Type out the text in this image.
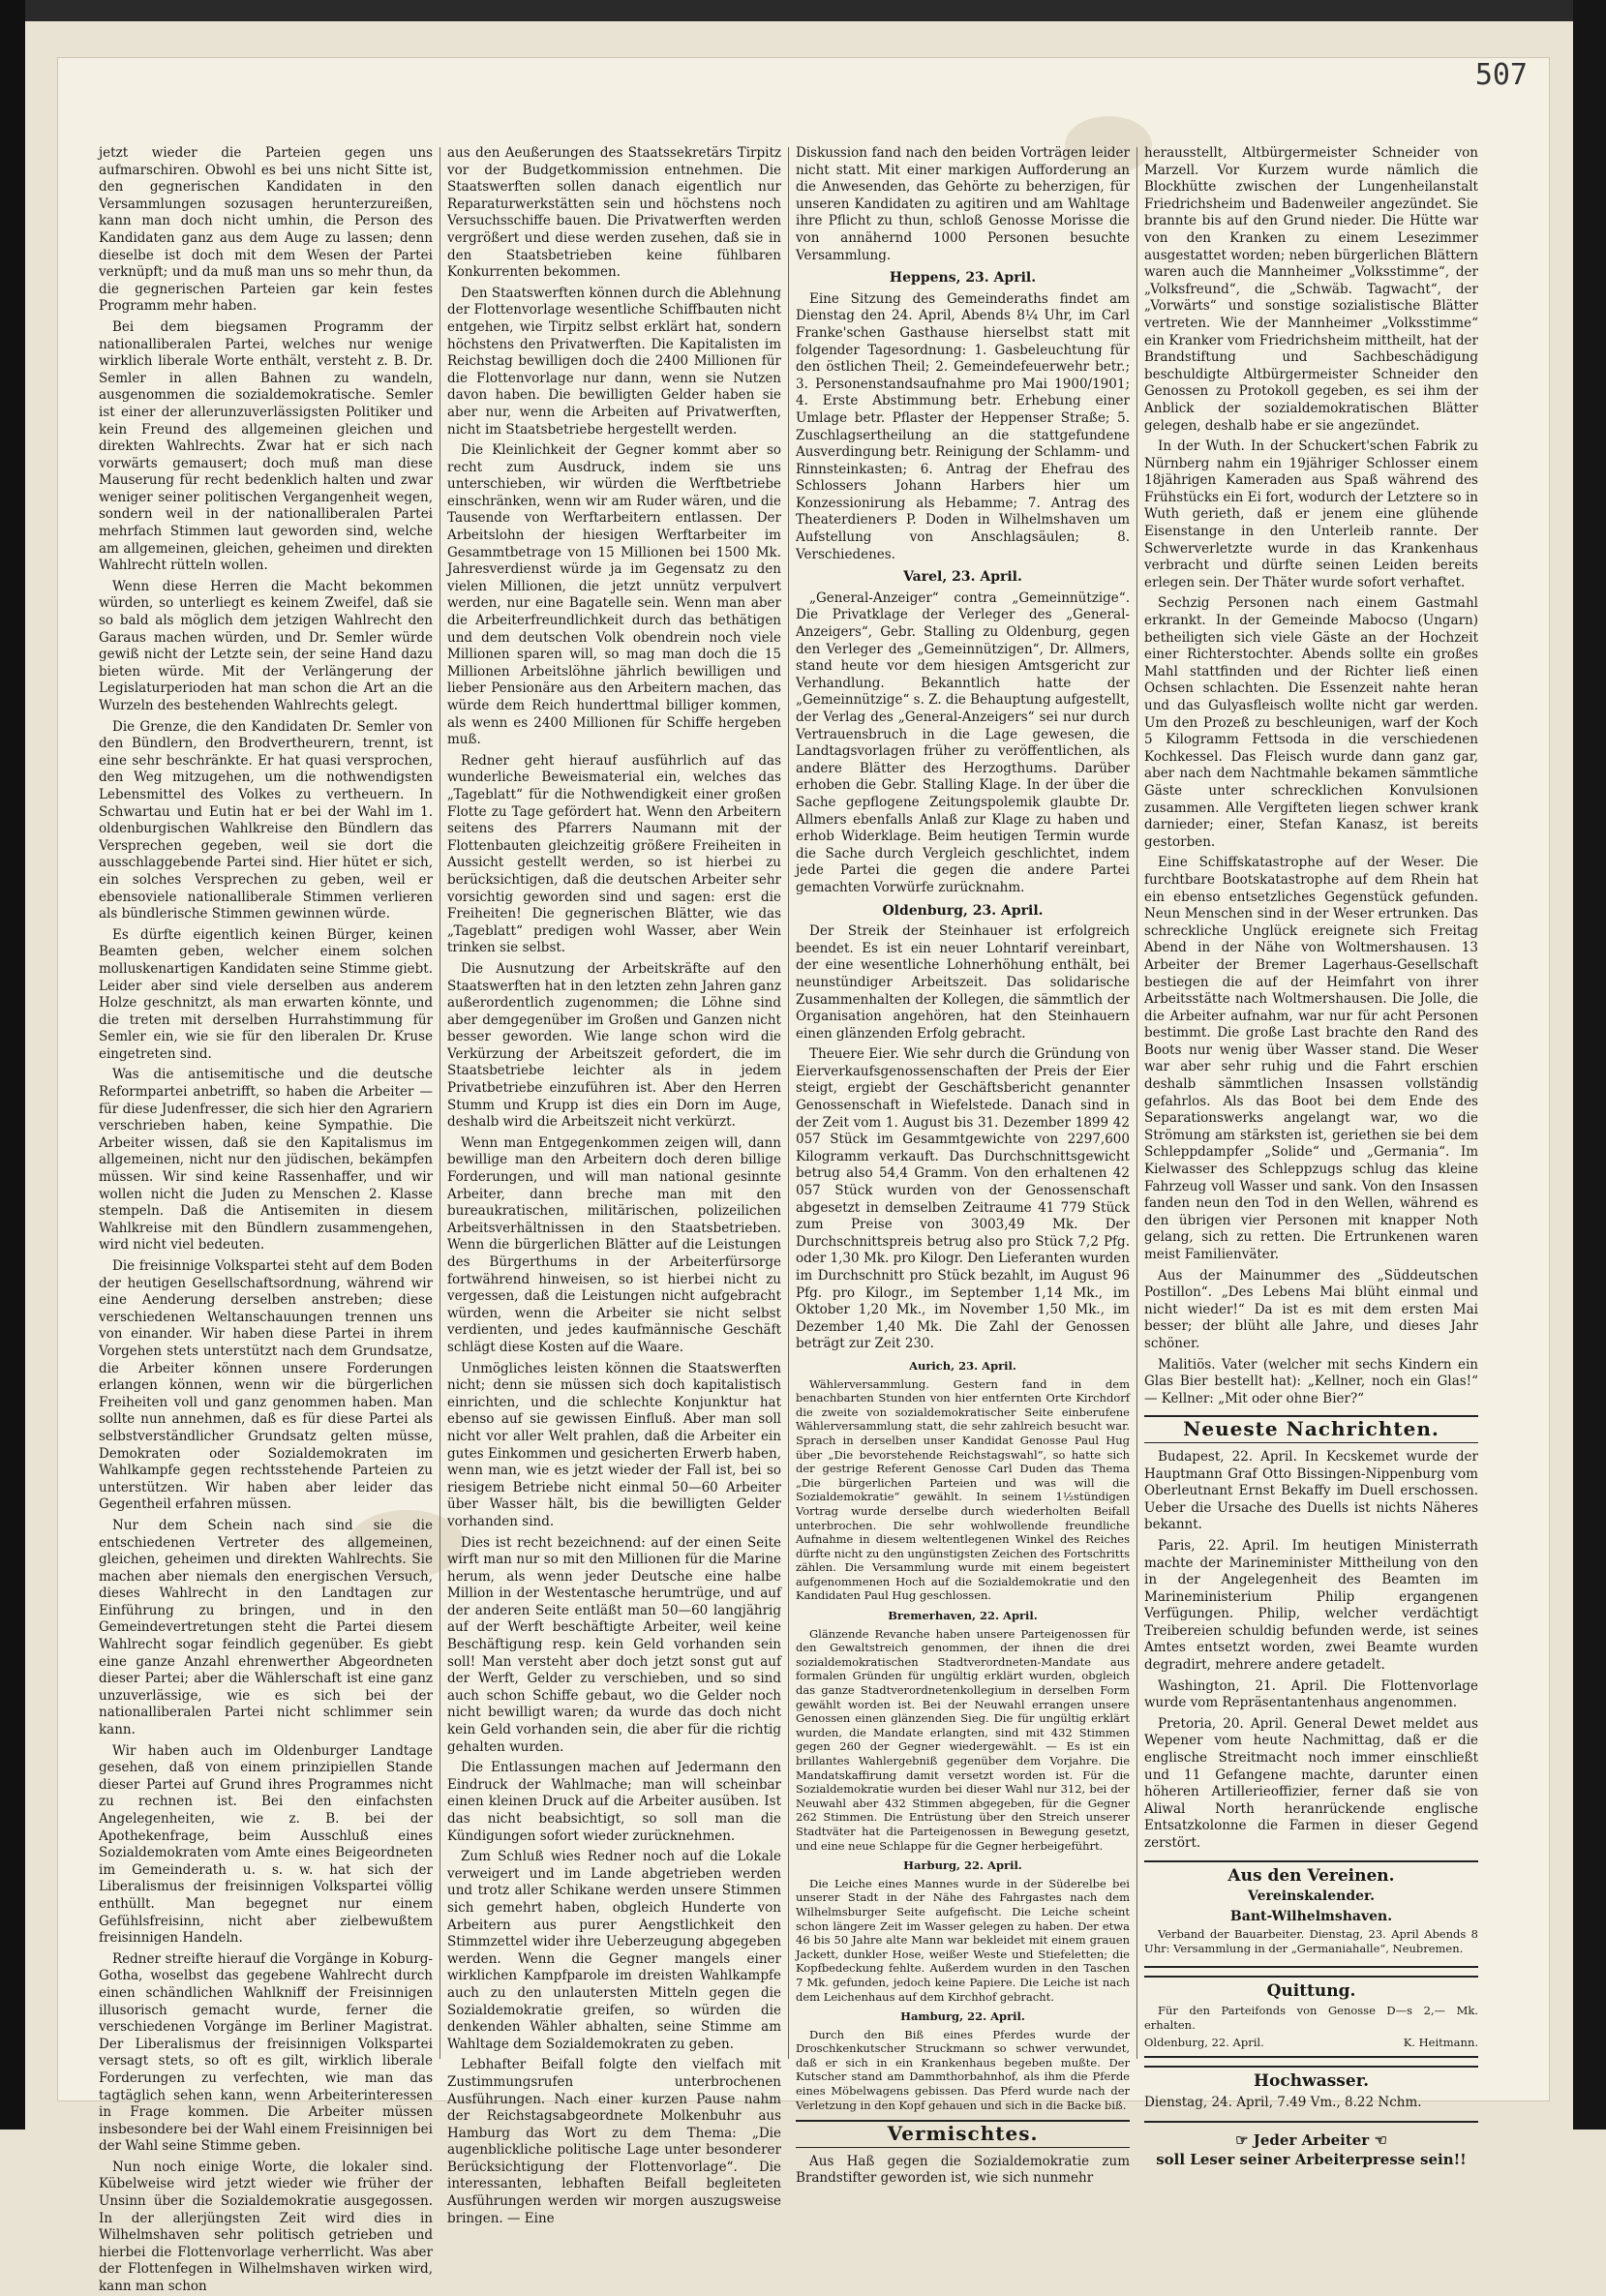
507

jetzt wieder die Parteien gegen uns aufmarschiren. Obwohl es bei uns nicht Sitte ist, den gegnerischen Kandidaten in den Versammlungen sozusagen herunterzureißen, kann man doch nicht umhin, die Person des Kandidaten ganz aus dem Auge zu lassen; denn dieselbe ist doch mit dem Wesen der Partei verknüpft; und da muß man uns so mehr thun, da die gegnerischen Parteien gar kein festes Programm mehr haben.

Bei dem biegsamen Programm der nationalliberalen Partei, welches nur wenige wirklich liberale Worte enthält, versteht z. B. Dr. Semler in allen Bahnen zu wandeln, ausgenommen die sozialdemokratische. Semler ist einer der allerunzuverlässigsten Politiker und kein Freund des allgemeinen gleichen und direkten Wahlrechts. Zwar hat er sich nach vorwärts gemausert; doch muß man diese Mauserung für recht bedenklich halten und zwar weniger seiner politischen Vergangenheit wegen, sondern weil in der nationalliberalen Partei mehrfach Stimmen laut geworden sind, welche am allgemeinen, gleichen, geheimen und direkten Wahlrecht rütteln wollen.

Wenn diese Herren die Macht bekommen würden, so unterliegt es keinem Zweifel, daß sie so bald als möglich dem jetzigen Wahlrecht den Garaus machen würden, und Dr. Semler würde gewiß nicht der Letzte sein, der seine Hand dazu bieten würde. Mit der Verlängerung der Legislaturperioden hat man schon die Art an die Wurzeln des bestehenden Wahlrechts gelegt.

Die Grenze, die den Kandidaten Dr. Semler von den Bündlern, den Brodvertheurern, trennt, ist eine sehr beschränkte. Er hat quasi versprochen, den Weg mitzugehen, um die nothwendigsten Lebensmittel des Volkes zu vertheuern. In Schwartau und Eutin hat er bei der Wahl im 1. oldenburgischen Wahlkreise den Bündlern das Versprechen gegeben, weil sie dort die ausschlaggebende Partei sind. Hier hütet er sich, ein solches Versprechen zu geben, weil er ebensoviele nationalliberale Stimmen verlieren als bündlerische Stimmen gewinnen würde.

Es dürfte eigentlich keinen Bürger, keinen Beamten geben, welcher einem solchen molluskenartigen Kandidaten seine Stimme giebt. Leider aber sind viele derselben aus anderem Holze geschnitzt, als man erwarten könnte, und die treten mit derselben Hurrahstimmung für Semler ein, wie sie für den liberalen Dr. Kruse eingetreten sind.

Was die antisemitische und die deutsche Reformpartei anbetrifft, so haben die Arbeiter — für diese Judenfresser, die sich hier den Agrariern verschrieben haben, keine Sympathie. Die Arbeiter wissen, daß sie den Kapitalismus im allgemeinen, nicht nur den jüdischen, bekämpfen müssen. Wir sind keine Rassenhaffer, und wir wollen nicht die Juden zu Menschen 2. Klasse stempeln. Daß die Antisemiten in diesem Wahlkreise mit den Bündlern zusammengehen, wird nicht viel bedeuten.

Die freisinnige Volkspartei steht auf dem Boden der heutigen Gesellschaftsordnung, während wir eine Aenderung derselben anstreben; diese verschiedenen Weltanschauungen trennen uns von einander. Wir haben diese Partei in ihrem Vorgehen stets unterstützt nach dem Grundsatze, die Arbeiter können unsere Forderungen erlangen können, wenn wir die bürgerlichen Freiheiten voll und ganz genommen haben. Man sollte nun annehmen, daß es für diese Partei als selbstverständlicher Grundsatz gelten müsse, Demokraten oder Sozialdemokraten im Wahlkampfe gegen rechtsstehende Parteien zu unterstützen. Wir haben aber leider das Gegentheil erfahren müssen.

Nur dem Schein nach sind sie die entschiedenen Vertreter des allgemeinen, gleichen, geheimen und direkten Wahlrechts. Sie machen aber niemals den energischen Versuch, dieses Wahlrecht in den Landtagen zur Einführung zu bringen, und in den Gemeindevertretungen steht die Partei diesem Wahlrecht sogar feindlich gegenüber. Es giebt eine ganze Anzahl ehrenwerther Abgeordneten dieser Partei; aber die Wählerschaft ist eine ganz unzuverlässige, wie es sich bei der nationalliberalen Partei nicht schlimmer sein kann.

Wir haben auch im Oldenburger Landtage gesehen, daß von einem prinzipiellen Stande dieser Partei auf Grund ihres Programmes nicht zu rechnen ist. Bei den einfachsten Angelegenheiten, wie z. B. bei der Apothekenfrage, beim Ausschluß eines Sozialdemokraten vom Amte eines Beigeordneten im Gemeinderath u. s. w. hat sich der Liberalismus der freisinnigen Volkspartei völlig enthüllt. Man begegnet nur einem Gefühlsfreisinn, nicht aber zielbewußtem freisinnigen Handeln.

Redner streifte hierauf die Vorgänge in Koburg-Gotha, woselbst das gegebene Wahlrecht durch einen schändlichen Wahlkniff der Freisinnigen illusorisch gemacht wurde, ferner die verschiedenen Vorgänge im Berliner Magistrat. Der Liberalismus der freisinnigen Volkspartei versagt stets, so oft es gilt, wirklich liberale Forderungen zu verfechten, wie man das tagtäglich sehen kann, wenn Arbeiterinteressen in Frage kommen. Die Arbeiter müssen insbesondere bei der Wahl einem Freisinnigen bei der Wahl seine Stimme geben.

Nun noch einige Worte, die lokaler sind. Kübelweise wird jetzt wieder wie früher der Unsinn über die Sozialdemokratie ausgegossen. In der allerjüngsten Zeit wird dies in Wilhelmshaven sehr politisch getrieben und hierbei die Flottenvorlage verherrlicht. Was aber der Flottenfegen in Wilhelmshaven wirken wird, kann man schon

aus den Aeußerungen des Staatssekretärs Tirpitz vor der Budgetkommission entnehmen. Die Staatswerften sollen danach eigentlich nur Reparaturwerkstätten sein und höchstens noch Versuchsschiffe bauen. Die Privatwerften werden vergrößert und diese werden zusehen, daß sie in den Staatsbetrieben keine fühlbaren Konkurrenten bekommen.

Den Staatswerften können durch die Ablehnung der Flottenvorlage wesentliche Schiffbauten nicht entgehen, wie Tirpitz selbst erklärt hat, sondern höchstens den Privatwerften. Die Kapitalisten im Reichstag bewilligen doch die 2400 Millionen für die Flottenvorlage nur dann, wenn sie Nutzen davon haben. Die bewilligten Gelder haben sie aber nur, wenn die Arbeiten auf Privatwerften, nicht im Staatsbetriebe hergestellt werden.

Die Kleinlichkeit der Gegner kommt aber so recht zum Ausdruck, indem sie uns unterschieben, wir würden die Werftbetriebe einschränken, wenn wir am Ruder wären, und die Tausende von Werftarbeitern entlassen. Der Arbeitslohn der hiesigen Werftarbeiter im Gesammtbetrage von 15 Millionen bei 1500 Mk. Jahresverdienst würde ja im Gegensatz zu den vielen Millionen, die jetzt unnütz verpulvert werden, nur eine Bagatelle sein. Wenn man aber die Arbeiterfreundlichkeit durch das bethätigen und dem deutschen Volk obendrein noch viele Millionen sparen will, so mag man doch die 15 Millionen Arbeitslöhne jährlich bewilligen und lieber Pensionäre aus den Arbeitern machen, das würde dem Reich hunderttmal billiger kommen, als wenn es 2400 Millionen für Schiffe hergeben muß.

Redner geht hierauf ausführlich auf das wunderliche Beweismaterial ein, welches das „Tageblatt“ für die Nothwendigkeit einer großen Flotte zu Tage gefördert hat. Wenn den Arbeitern seitens des Pfarrers Naumann mit der Flottenbauten gleichzeitig größere Freiheiten in Aussicht gestellt werden, so ist hierbei zu berücksichtigen, daß die deutschen Arbeiter sehr vorsichtig geworden sind und sagen: erst die Freiheiten! Die gegnerischen Blätter, wie das „Tageblatt“ predigen wohl Wasser, aber Wein trinken sie selbst.

Die Ausnutzung der Arbeitskräfte auf den Staatswerften hat in den letzten zehn Jahren ganz außerordentlich zugenommen; die Löhne sind aber demgegenüber im Großen und Ganzen nicht besser geworden. Wie lange schon wird die Verkürzung der Arbeitszeit gefordert, die im Staatsbetriebe leichter als in jedem Privatbetriebe einzuführen ist. Aber den Herren Stumm und Krupp ist dies ein Dorn im Auge, deshalb wird die Arbeitszeit nicht verkürzt.

Wenn man Entgegenkommen zeigen will, dann bewillige man den Arbeitern doch deren billige Forderungen, und will man national gesinnte Arbeiter, dann breche man mit den bureaukratischen, militärischen, polizeilichen Arbeitsverhältnissen in den Staatsbetrieben. Wenn die bürgerlichen Blätter auf die Leistungen des Bürgerthums in der Arbeiterfürsorge fortwährend hinweisen, so ist hierbei nicht zu vergessen, daß die Leistungen nicht aufgebracht würden, wenn die Arbeiter sie nicht selbst verdienten, und jedes kaufmännische Geschäft schlägt diese Kosten auf die Waare.

Unmögliches leisten können die Staatswerften nicht; denn sie müssen sich doch kapitalistisch einrichten, und die schlechte Konjunktur hat ebenso auf sie gewissen Einfluß. Aber man soll nicht vor aller Welt prahlen, daß die Arbeiter ein gutes Einkommen und gesicherten Erwerb haben, wenn man, wie es jetzt wieder der Fall ist, bei so riesigem Betriebe nicht einmal 50—60 Arbeiter über Wasser hält, bis die bewilligten Gelder vorhanden sind.

Dies ist recht bezeichnend: auf der einen Seite wirft man nur so mit den Millionen für die Marine herum, als wenn jeder Deutsche eine halbe Million in der Westentasche herumtrüge, und auf der anderen Seite entläßt man 50—60 langjährig auf der Werft beschäftigte Arbeiter, weil keine Beschäftigung resp. kein Geld vorhanden sein soll! Man versteht aber doch jetzt sonst gut auf der Werft, Gelder zu verschieben, und so sind auch schon Schiffe gebaut, wo die Gelder noch nicht bewilligt waren; da wurde das doch nicht kein Geld vorhanden sein, die aber für die richtig gehalten wurden.

Die Entlassungen machen auf Jedermann den Eindruck der Wahlmache; man will scheinbar einen kleinen Druck auf die Arbeiter ausüben. Ist das nicht beabsichtigt, so soll man die Kündigungen sofort wieder zurücknehmen.

Zum Schluß wies Redner noch auf die Lokale verweigert und im Lande abgetrieben werden und trotz aller Schikane werden unsere Stimmen sich gemehrt haben, obgleich Hunderte von Arbeitern aus purer Aengstlichkeit den Stimmzettel wider ihre Ueberzeugung abgegeben werden. Wenn die Gegner mangels einer wirklichen Kampfparole im dreisten Wahlkampfe auch zu den unlautersten Mitteln gegen die Sozialdemokratie greifen, so würden die denkenden Wähler abhalten, seine Stimme am Wahltage dem Sozialdemokraten zu geben.

Lebhafter Beifall folgte den vielfach mit Zustimmungsrufen unterbrochenen Ausführungen. Nach einer kurzen Pause nahm der Reichstagsabgeordnete Molkenbuhr aus Hamburg das Wort zu dem Thema: „Die augenblickliche politische Lage unter besonderer Berücksichtigung der Flottenvorlage“. Die interessanten, lebhaften Beifall begleiteten Ausführungen werden wir morgen auszugsweise bringen. — Eine

Diskussion fand nach den beiden Vorträgen leider nicht statt. Mit einer markigen Aufforderung an die Anwesenden, das Gehörte zu beherzigen, für unseren Kandidaten zu agitiren und am Wahltage ihre Pflicht zu thun, schloß Genosse Morisse die von annähernd 1000 Personen besuchte Versammlung.

Heppens, 23. April.

Eine Sitzung des Gemeinderaths findet am Dienstag den 24. April, Abends 8¼ Uhr, im Carl Franke'schen Gasthause hierselbst statt mit folgender Tagesordnung: 1. Gasbeleuchtung für den östlichen Theil; 2. Gemeindefeuerwehr betr.; 3. Personenstandsaufnahme pro Mai 1900/1901; 4. Erste Abstimmung betr. Erhebung einer Umlage betr. Pflaster der Heppenser Straße; 5. Zuschlagsertheilung an die stattgefundene Ausverdingung betr. Reinigung der Schlamm- und Rinnsteinkasten; 6. Antrag der Ehefrau des Schlossers Johann Harbers hier um Konzessionirung als Hebamme; 7. Antrag des Theaterdieners P. Doden in Wilhelmshaven um Aufstellung von Anschlagsäulen; 8. Verschiedenes.

Varel, 23. April.

„General-Anzeiger“ contra „Gemeinnützige“. Die Privatklage der Verleger des „General-Anzeigers“, Gebr. Stalling zu Oldenburg, gegen den Verleger des „Gemeinnützigen“, Dr. Allmers, stand heute vor dem hiesigen Amtsgericht zur Verhandlung. Bekanntlich hatte der „Gemeinnützige“ s. Z. die Behauptung aufgestellt, der Verlag des „General-Anzeigers“ sei nur durch Vertrauensbruch in die Lage gewesen, die Landtagsvorlagen früher zu veröffentlichen, als andere Blätter des Herzogthums. Darüber erhoben die Gebr. Stalling Klage. In der über die Sache gepflogene Zeitungspolemik glaubte Dr. Allmers ebenfalls Anlaß zur Klage zu haben und erhob Widerklage. Beim heutigen Termin wurde die Sache durch Vergleich geschlichtet, indem jede Partei die gegen die andere Partei gemachten Vorwürfe zurücknahm.

Oldenburg, 23. April.

Der Streik der Steinhauer ist erfolgreich beendet. Es ist ein neuer Lohntarif vereinbart, der eine wesentliche Lohnerhöhung enthält, bei neunstündiger Arbeitszeit. Das solidarische Zusammenhalten der Kollegen, die sämmtlich der Organisation angehören, hat den Steinhauern einen glänzenden Erfolg gebracht.

Theuere Eier. Wie sehr durch die Gründung von Eierverkaufsgenossenschaften der Preis der Eier steigt, ergiebt der Geschäftsbericht genannter Genossenschaft in Wiefelstede. Danach sind in der Zeit vom 1. August bis 31. Dezember 1899 42 057 Stück im Gesammtgewichte von 2297,600 Kilogramm verkauft. Das Durchschnittsgewicht betrug also 54,4 Gramm. Von den erhaltenen 42 057 Stück wurden von der Genossenschaft abgesetzt in demselben Zeitraume 41 779 Stück zum Preise von 3003,49 Mk. Der Durchschnittspreis betrug also pro Stück 7,2 Pfg. oder 1,30 Mk. pro Kilogr. Den Lieferanten wurden im Durchschnitt pro Stück bezahlt, im August 96 Pfg. pro Kilogr., im September 1,14 Mk., im Oktober 1,20 Mk., im November 1,50 Mk., im Dezember 1,40 Mk. Die Zahl der Genossen beträgt zur Zeit 230.

Aurich, 23. April.

Wählerversammlung. Gestern fand in dem benachbarten Stunden von hier entfernten Orte Kirchdorf die zweite von sozialdemokratischer Seite einberufene Wählerversammlung statt, die sehr zahlreich besucht war. Sprach in derselben unser Kandidat Genosse Paul Hug über „Die bevorstehende Reichstagswahl“, so hatte sich der gestrige Referent Genosse Carl Duden das Thema „Die bürgerlichen Parteien und was will die Sozialdemokratie“ gewählt. In seinem 1½stündigen Vortrag wurde derselbe durch wiederholten Beifall unterbrochen. Die sehr wohlwollende freundliche Aufnahme in diesem weltentlegenen Winkel des Reiches dürfte nicht zu den ungünstigsten Zeichen des Fortschritts zählen. Die Versammlung wurde mit einem begeistert aufgenommenen Hoch auf die Sozialdemokratie und den Kandidaten Paul Hug geschlossen.

Bremerhaven, 22. April.

Glänzende Revanche haben unsere Parteigenossen für den Gewaltstreich genommen, der ihnen die drei sozialdemokratischen Stadtverordneten-Mandate aus formalen Gründen für ungültig erklärt wurden, obgleich das ganze Stadtverordnetenkollegium in derselben Form gewählt worden ist. Bei der Neuwahl errangen unsere Genossen einen glänzenden Sieg. Die für ungültig erklärt wurden, die Mandate erlangten, sind mit 432 Stimmen gegen 260 der Gegner wiedergewählt. — Es ist ein brillantes Wahlergebniß gegenüber dem Vorjahre. Die Mandatskaffirung damit versetzt worden ist. Für die Sozialdemokratie wurden bei dieser Wahl nur 312, bei der Neuwahl aber 432 Stimmen abgegeben, für die Gegner 262 Stimmen. Die Entrüstung über den Streich unserer Stadtväter hat die Parteigenossen in Bewegung gesetzt, und eine neue Schlappe für die Gegner herbeigeführt.

Harburg, 22. April.

Die Leiche eines Mannes wurde in der Süderelbe bei unserer Stadt in der Nähe des Fahrgastes nach dem Wilhelmsburger Seite aufgefischt. Die Leiche scheint schon längere Zeit im Wasser gelegen zu haben. Der etwa 46 bis 50 Jahre alte Mann war bekleidet mit einem grauen Jackett, dunkler Hose, weißer Weste und Stiefeletten; die Kopfbedeckung fehlte. Außerdem wurden in den Taschen 7 Mk. gefunden, jedoch keine Papiere. Die Leiche ist nach dem Leichenhaus auf dem Kirchhof gebracht.

Hamburg, 22. April.

Durch den Biß eines Pferdes wurde der Droschkenkutscher Struckmann so schwer verwundet, daß er sich in ein Krankenhaus begeben mußte. Der Kutscher stand am Dammthorbahnhof, als ihm die Pferde eines Möbelwagens gebissen. Das Pferd wurde nach der Verletzung in den Kopf gehauen und sich in die Backe biß.

Vermischtes.

Aus Haß gegen die Sozialdemokratie zum Brandstifter geworden ist, wie sich nunmehr

herausstellt, Altbürgermeister Schneider von Marzell. Vor Kurzem wurde nämlich die Blockhütte zwischen der Lungenheilanstalt Friedrichsheim und Badenweiler angezündet. Sie brannte bis auf den Grund nieder. Die Hütte war von den Kranken zu einem Lesezimmer ausgestattet worden; neben bürgerlichen Blättern waren auch die Mannheimer „Volksstimme“, der „Volksfreund“, die „Schwäb. Tagwacht“, der „Vorwärts“ und sonstige sozialistische Blätter vertreten. Wie der Mannheimer „Volksstimme“ ein Kranker vom Friedrichsheim mittheilt, hat der Brandstiftung und Sachbeschädigung beschuldigte Altbürgermeister Schneider den Genossen zu Protokoll gegeben, es sei ihm der Anblick der sozialdemokratischen Blätter gelegen, deshalb habe er sie angezündet.

In der Wuth. In der Schuckert'schen Fabrik zu Nürnberg nahm ein 19jähriger Schlosser einem 18jährigen Kameraden aus Spaß während des Frühstücks ein Ei fort, wodurch der Letztere so in Wuth gerieth, daß er jenem eine glühende Eisenstange in den Unterleib rannte. Der Schwerverletzte wurde in das Krankenhaus verbracht und dürfte seinen Leiden bereits erlegen sein. Der Thäter wurde sofort verhaftet.

Sechzig Personen nach einem Gastmahl erkrankt. In der Gemeinde Mabocso (Ungarn) betheiligten sich viele Gäste an der Hochzeit einer Richterstochter. Abends sollte ein großes Mahl stattfinden und der Richter ließ einen Ochsen schlachten. Die Essenzeit nahte heran und das Gulyasfleisch wollte nicht gar werden. Um den Prozeß zu beschleunigen, warf der Koch 5 Kilogramm Fettsoda in die verschiedenen Kochkessel. Das Fleisch wurde dann ganz gar, aber nach dem Nachtmahle bekamen sämmtliche Gäste unter schrecklichen Konvulsionen zusammen. Alle Vergifteten liegen schwer krank darnieder; einer, Stefan Kanasz, ist bereits gestorben.

Eine Schiffskatastrophe auf der Weser. Die furchtbare Bootskatastrophe auf dem Rhein hat ein ebenso entsetzliches Gegenstück gefunden. Neun Menschen sind in der Weser ertrunken. Das schreckliche Unglück ereignete sich Freitag Abend in der Nähe von Woltmershausen. 13 Arbeiter der Bremer Lagerhaus-Gesellschaft bestiegen die auf der Heimfahrt von ihrer Arbeitsstätte nach Woltmershausen. Die Jolle, die die Arbeiter aufnahm, war nur für acht Personen bestimmt. Die große Last brachte den Rand des Boots nur wenig über Wasser stand. Die Weser war aber sehr ruhig und die Fahrt erschien deshalb sämmtlichen Insassen vollständig gefahrlos. Als das Boot bei dem Ende des Separationswerks angelangt war, wo die Strömung am stärksten ist, geriethen sie bei dem Schleppdampfer „Solide“ und „Germania“. Im Kielwasser des Schleppzugs schlug das kleine Fahrzeug voll Wasser und sank. Von den Insassen fanden neun den Tod in den Wellen, während es den übrigen vier Personen mit knapper Noth gelang, sich zu retten. Die Ertrunkenen waren meist Familienväter.

Aus der Mainummer des „Süddeutschen Postillon“. „Des Lebens Mai blüht einmal und nicht wieder!“ Da ist es mit dem ersten Mai besser; der blüht alle Jahre, und dieses Jahr schöner.

Malitiös. Vater (welcher mit sechs Kindern ein Glas Bier bestellt hat): „Kellner, noch ein Glas!“ — Kellner: „Mit oder ohne Bier?“

Neueste Nachrichten.

Budapest, 22. April. In Kecskemet wurde der Hauptmann Graf Otto Bissingen-Nippenburg vom Oberleutnant Ernst Bekaffy im Duell erschossen. Ueber die Ursache des Duells ist nichts Näheres bekannt.

Paris, 22. April. Im heutigen Ministerrath machte der Marineminister Mittheilung von den in der Angelegenheit des Beamten im Marineministerium Philip ergangenen Verfügungen. Philip, welcher verdächtigt Treibereien schuldig befunden werde, ist seines Amtes entsetzt worden, zwei Beamte wurden degradirt, mehrere andere getadelt.

Washington, 21. April. Die Flottenvorlage wurde vom Repräsentantenhaus angenommen.

Pretoria, 20. April. General Dewet meldet aus Wepener vom heute Nachmittag, daß er die englische Streitmacht noch immer einschließt und 11 Gefangene machte, darunter einen höheren Artillerieoffizier, ferner daß sie von Aliwal North heranrückende englische Entsatzkolonne die Farmen in dieser Gegend zerstört.

Aus den Vereinen.
Vereinskalender.
Bant-Wilhelmshaven.

Verband der Bauarbeiter. Dienstag, 23. April Abends 8 Uhr: Versammlung in der „Germaniahalle“, Neubremen.

Quittung.

Für den Parteifonds von Genosse D—s 2,— Mk. erhalten.

Oldenburg, 22. April.	K. Heitmann.
Hochwasser.

Dienstag, 24. April, 7.49 Vm., 8.22 Nchm.

☞ Jeder Arbeiter ☜
soll Leser seiner Arbeiterpresse sein!!
